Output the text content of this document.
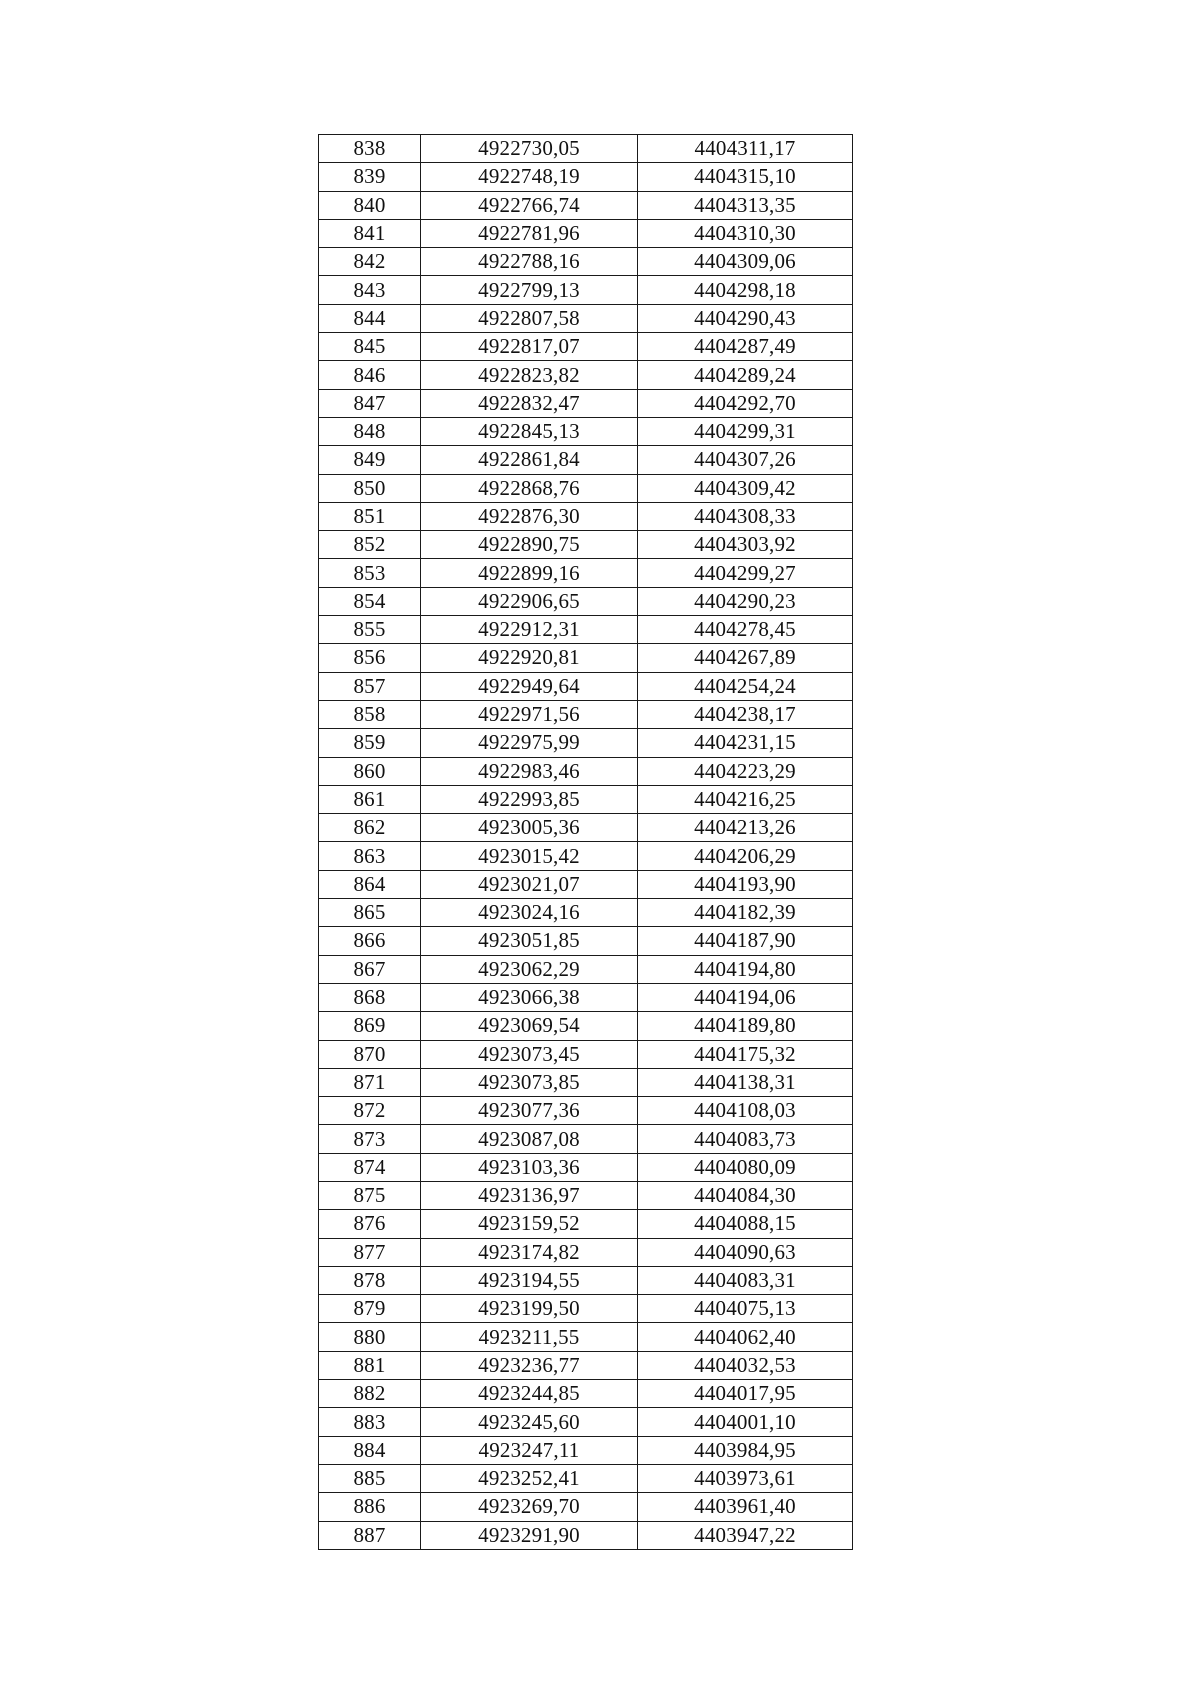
838	4922730,05	4404311,17
839	4922748,19	4404315,10
840	4922766,74	4404313,35
841	4922781,96	4404310,30
842	4922788,16	4404309,06
843	4922799,13	4404298,18
844	4922807,58	4404290,43
845	4922817,07	4404287,49
846	4922823,82	4404289,24
847	4922832,47	4404292,70
848	4922845,13	4404299,31
849	4922861,84	4404307,26
850	4922868,76	4404309,42
851	4922876,30	4404308,33
852	4922890,75	4404303,92
853	4922899,16	4404299,27
854	4922906,65	4404290,23
855	4922912,31	4404278,45
856	4922920,81	4404267,89
857	4922949,64	4404254,24
858	4922971,56	4404238,17
859	4922975,99	4404231,15
860	4922983,46	4404223,29
861	4922993,85	4404216,25
862	4923005,36	4404213,26
863	4923015,42	4404206,29
864	4923021,07	4404193,90
865	4923024,16	4404182,39
866	4923051,85	4404187,90
867	4923062,29	4404194,80
868	4923066,38	4404194,06
869	4923069,54	4404189,80
870	4923073,45	4404175,32
871	4923073,85	4404138,31
872	4923077,36	4404108,03
873	4923087,08	4404083,73
874	4923103,36	4404080,09
875	4923136,97	4404084,30
876	4923159,52	4404088,15
877	4923174,82	4404090,63
878	4923194,55	4404083,31
879	4923199,50	4404075,13
880	4923211,55	4404062,40
881	4923236,77	4404032,53
882	4923244,85	4404017,95
883	4923245,60	4404001,10
884	4923247,11	4403984,95
885	4923252,41	4403973,61
886	4923269,70	4403961,40
887	4923291,90	4403947,22
